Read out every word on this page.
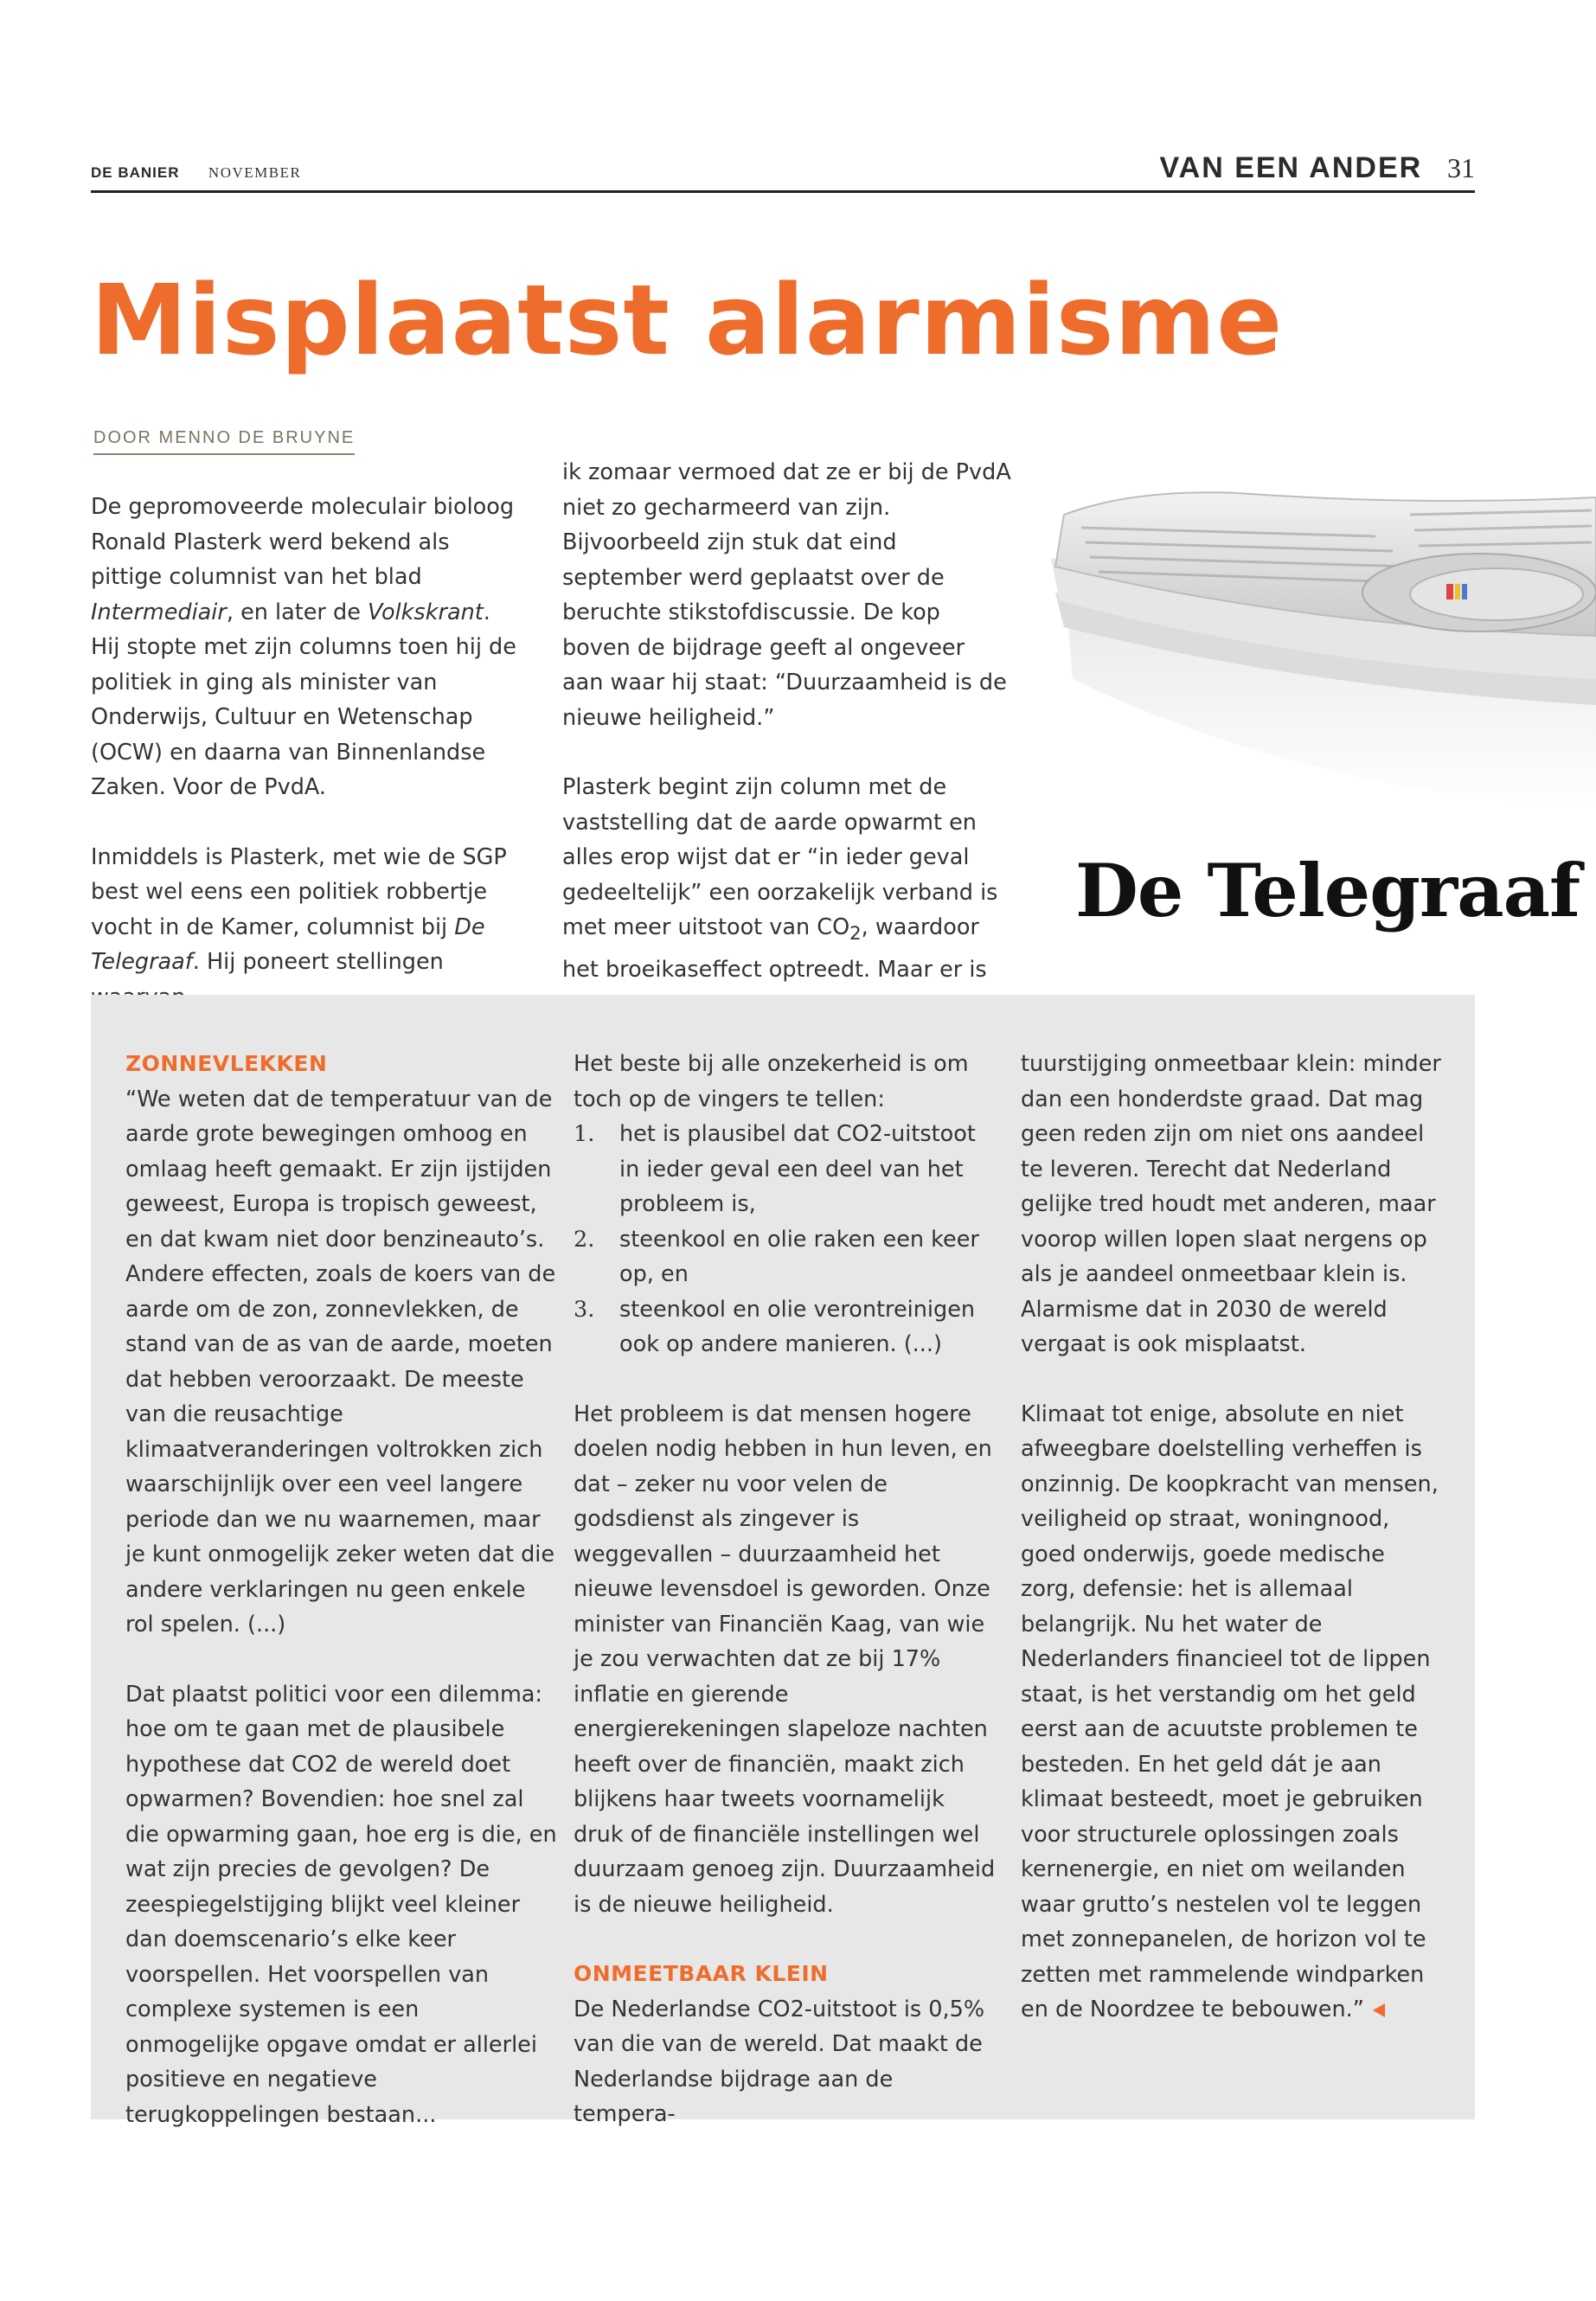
DE BANIER NOVEMBER	VAN EEN ANDER 31
Misplaatst alarmisme
DOOR MENNO DE BRUYNE

De gepromoveerde moleculair bioloog Ronald Plasterk werd bekend als pittige columnist van het blad Intermediair, en later de Volkskrant. Hij stopte met zijn columns toen hij de politiek in ging als minister van Onderwijs, Cultuur en Wetenschap (OCW) en daarna van Binnenlandse Zaken. Voor de PvdA.

Inmiddels is Plasterk, met wie de SGP best wel eens een politiek robbertje vocht in de Kamer, columnist bij De Telegraaf. Hij poneert stellingen

ik zomaar vermoed dat ze er bij de PvdA niet zo gecharmeerd van zijn. Bijvoorbeeld zijn stuk dat eind september werd geplaatst over de beruchte stikstofdiscussie. De kop boven de bijdrage geeft al ongeveer aan waar hij staat: “Duurzaamheid is de nieuwe heiligheid.”

Plasterk begint zijn column met de vaststelling dat de aarde opwarmt en alles erop wijst dat er “in ieder geval gedeeltelijk” een oorzakelijk verband is met meer uitstoot van $CO_2$, waardoor het broeikaseffect optreedt. Maar er is

De Telegraaf
ZONNEVLEKKEN

“We weten dat de temperatuur van de aarde grote bewegingen omhoog en omlaag heeft gemaakt. Er zijn ijstijden geweest, Europa is tropisch geweest, en dat kwam niet door benzineauto’s. Andere effecten, zoals de koers van de aarde om de zon, zonnevlekken, de stand van de as van de aarde, moeten dat hebben veroorzaakt. De meeste van die reusachtige klimaatveranderingen voltrokken zich waarschijnlijk over een veel langere periode dan we nu waarnemen, maar je kunt onmogelijk zeker weten dat die andere verklaringen nu geen enkele rol spelen. (...)

Dat plaatst politici voor een dilemma: hoe om te gaan met de plausibele hypothese dat CO2 de wereld doet opwarmen? Bovendien: hoe snel zal die opwarming gaan, hoe erg is die, en wat zijn precies de gevolgen? De zeespiegelstijging blijkt veel kleiner dan doemscenario’s elke keer voorspellen. Het voorspellen van complexe systemen is een onmogelijke opgave omdat er allerlei positieve en negatieve terugkoppelingen bestaan...

Het beste bij alle onzekerheid is om toch op de vingers te tellen:
1. het is plausibel dat CO2-uitstoot in ieder geval een deel van het probleem is,
2. steenkool en olie raken een keer op, en
3. steenkool en olie verontreinigen ook op andere manieren. (...)

Het probleem is dat mensen hogere doelen nodig hebben in hun leven, en dat – zeker nu voor velen de godsdienst als zingever is weggevallen – duurzaamheid het nieuwe levensdoel is geworden. Onze minister van Financiën Kaag, van wie je zou verwachten dat ze bij 17% inflatie en gierende energierekeningen slapeloze nachten heeft over de financiën, maakt zich blijkens haar tweets voornamelijk druk of de financiële instellingen wel duurzaam genoeg zijn. Duurzaamheid is de nieuwe heiligheid.

ONMEETBAAR KLEIN

De Nederlandse CO2-uitstoot is 0,5% van die van de wereld. Dat maakt de Nederlandse bijdrage aan de tempera-

tuurstijging onmeetbaar klein: minder dan een honderdste graad. Dat mag geen reden zijn om niet ons aandeel te leveren. Terecht dat Nederland gelijke tred houdt met anderen, maar voorop willen lopen slaat nergens op als je aandeel onmeetbaar klein is. Alarmisme dat in 2030 de wereld vergaat is ook misplaatst.

Klimaat tot enige, absolute en niet afweegbare doelstelling verheffen is onzinnig. De koopkracht van mensen, veiligheid op straat, woningnood, goed onderwijs, goede medische zorg, defensie: het is allemaal belangrijk. Nu het water de Nederlanders financieel tot de lippen staat, is het verstandig om het geld eerst aan de acuutste problemen te besteden. En het geld dát je aan klimaat besteedt, moet je gebruiken voor structurele oplossingen zoals kernenergie, en niet om weilanden waar grutto’s nestelen vol te leggen met zonnepanelen, de horizon vol te zetten met rammelende windparken en de Noordzee te bebouwen.”
